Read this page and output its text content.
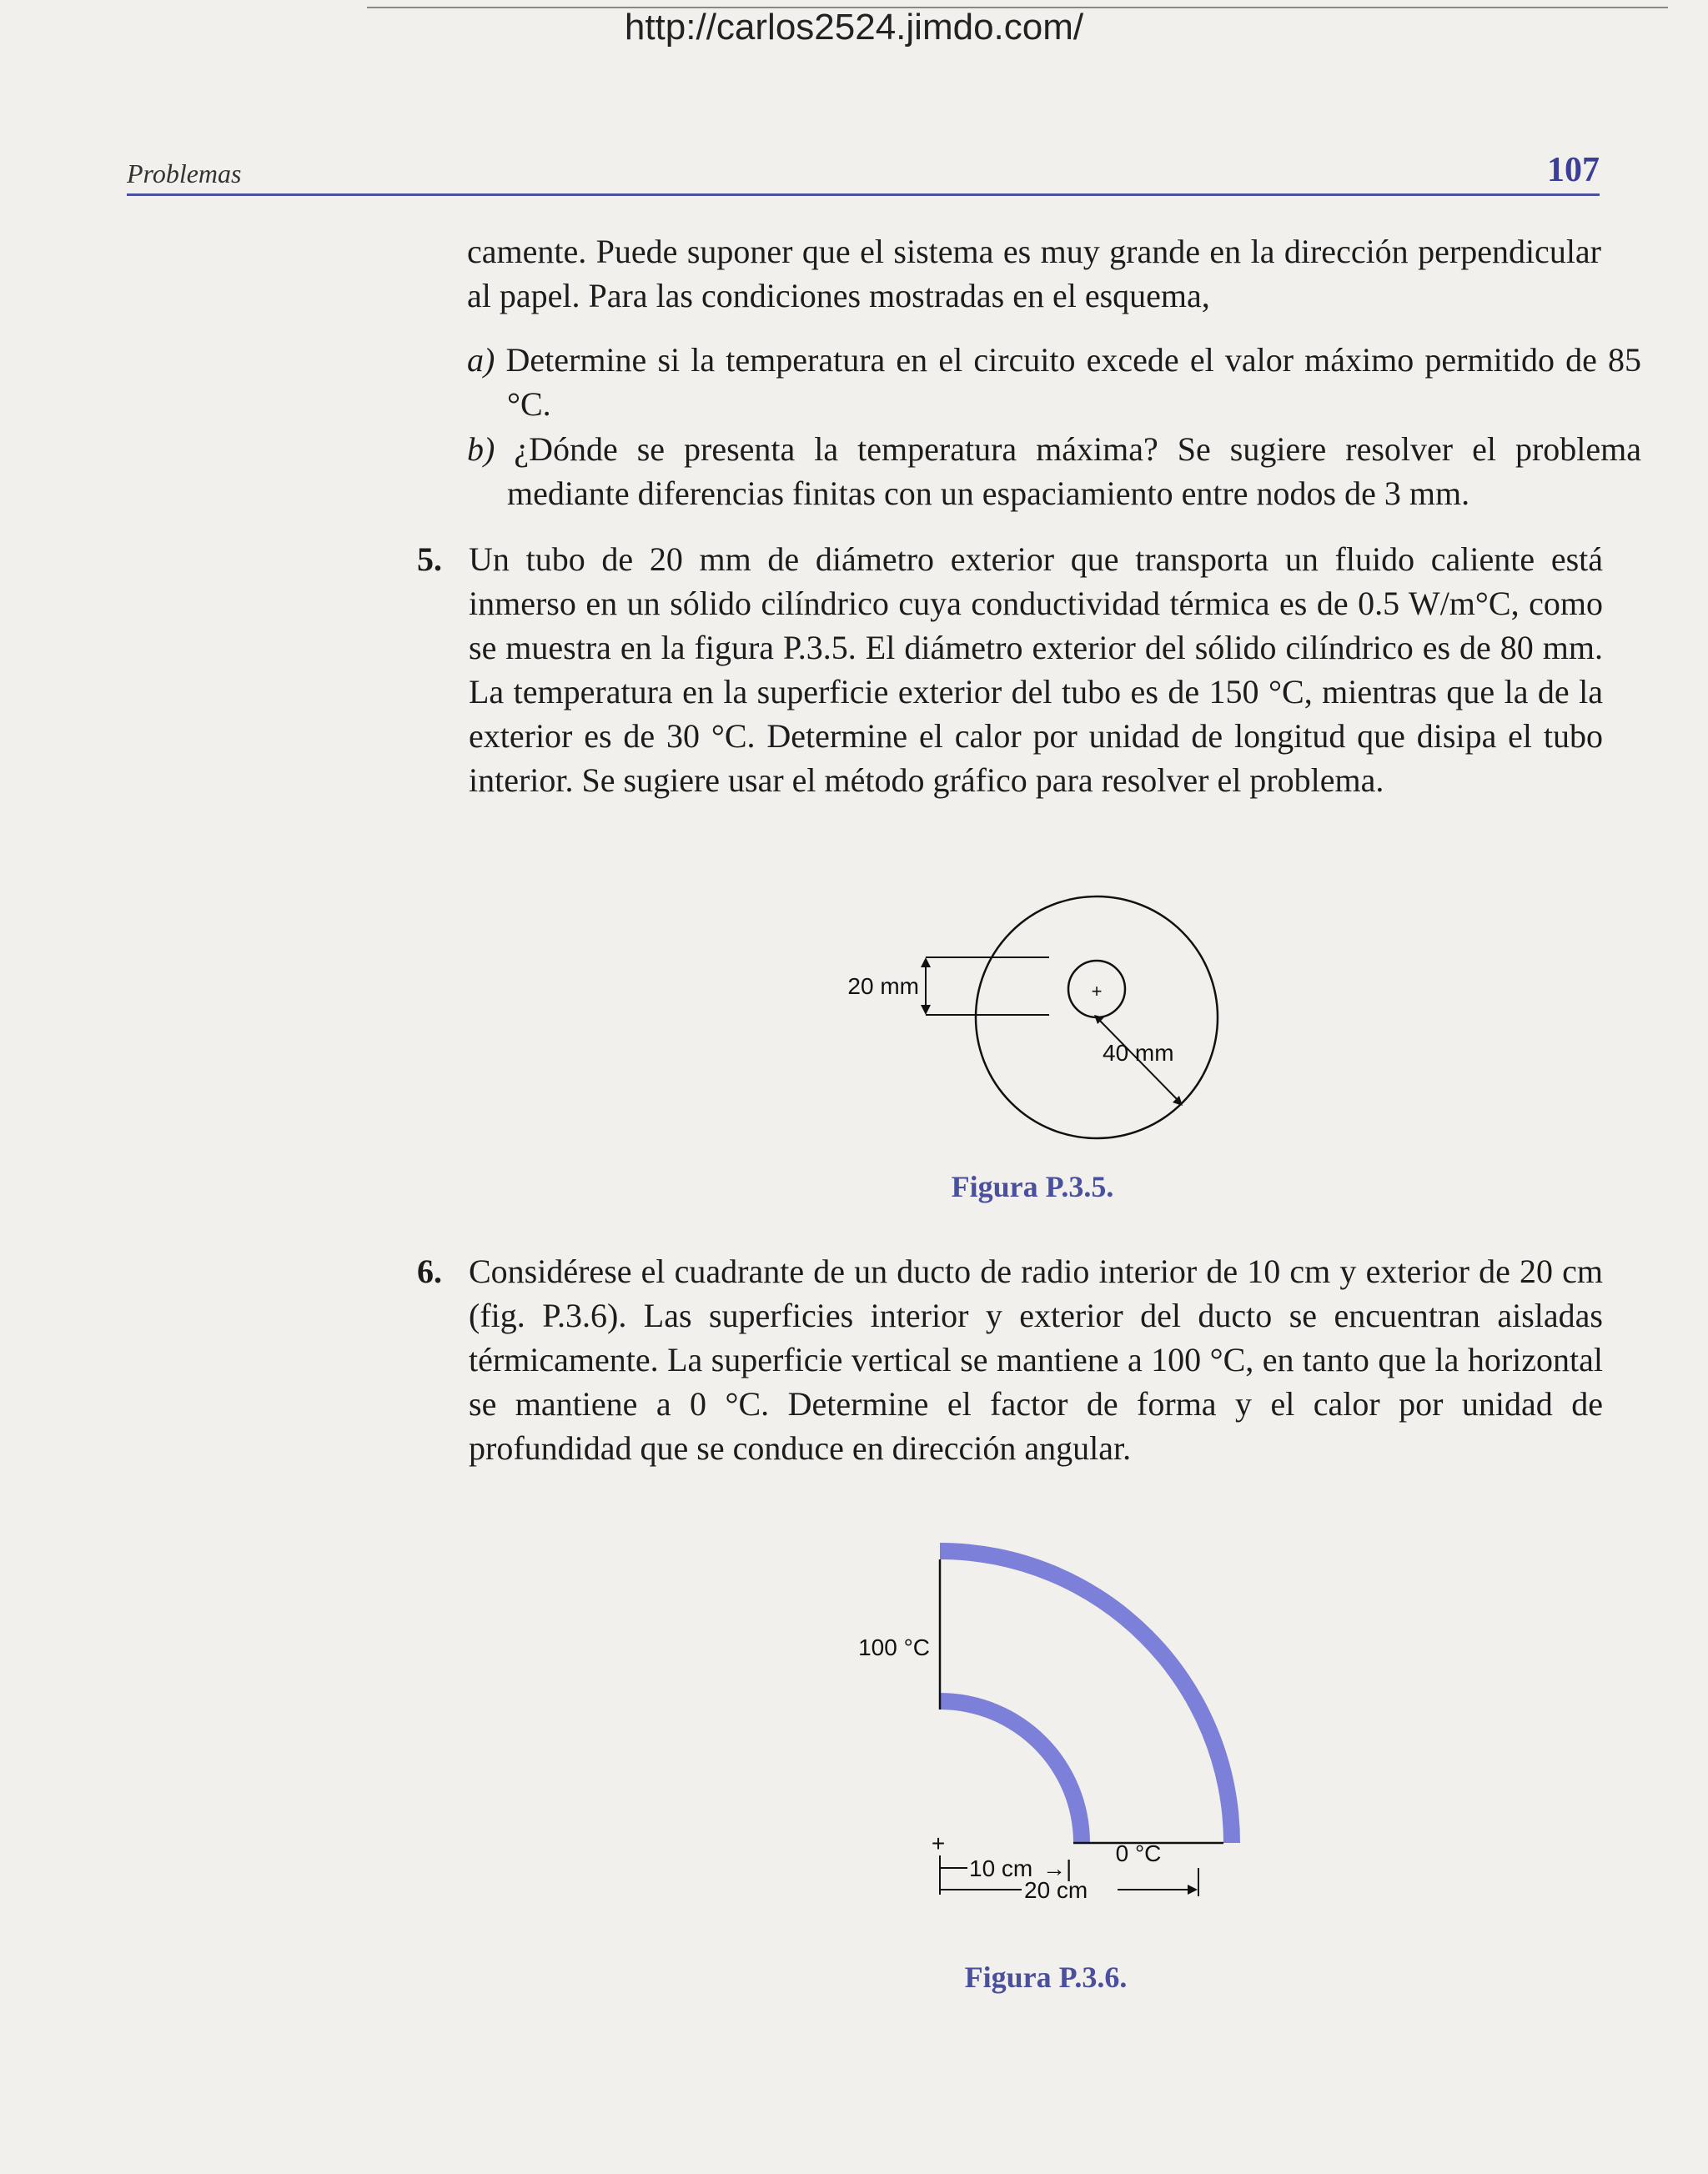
http://carlos2524.jimdo.com/
Problemas	107
camente. Puede suponer que el sistema es muy grande en la dirección perpendicular al papel. Para las condiciones mostradas en el esquema,
a) Determine si la temperatura en el circuito excede el valor máximo permitido de 85 °C.
b) ¿Dónde se presenta la temperatura máxima? Se sugiere resolver el problema mediante diferencias finitas con un espaciamiento entre nodos de 3 mm.
5. Un tubo de 20 mm de diámetro exterior que transporta un fluido caliente está inmerso en un sólido cilíndrico cuya conductividad térmica es de 0.5 W/m°C, como se muestra en la figura P.3.5. El diámetro exterior del sólido cilíndrico es de 80 mm. La temperatura en la superficie exterior del tubo es de 150 °C, mientras que la de la exterior es de 30 °C. Determine el calor por unidad de longitud que disipa el tubo interior. Se sugiere usar el método gráfico para resolver el problema.
+
20 mm
40 mm
Figura P.3.5.
6. Considérese el cuadrante de un ducto de radio interior de 10 cm y exterior de 20 cm (fig. P.3.6). Las superficies interior y exterior del ducto se encuentran aisladas térmicamente. La superficie vertical se mantiene a 100 °C, en tanto que la horizontal se mantiene a 0 °C. Determine el factor de forma y el calor por unidad de profundidad que se conduce en dirección angular.
100 °C
+	0 °C
10 cm →|
20 cm
Figura P.3.6.
